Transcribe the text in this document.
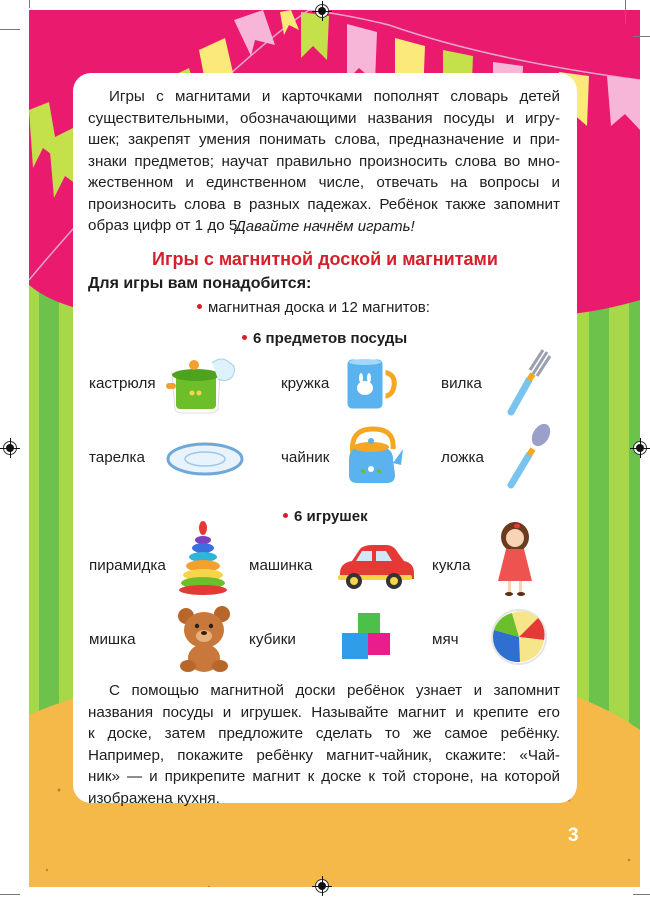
Игры с магнитами и карточками пополнят словарь детей
существительными, обозначающими названия посуды и игру-
шек; закрепят умения понимать слова, предназначение и при-
знаки предметов; научат правильно произносить слова во мно-
жественном и единственном числе, отвечать на вопросы и
произносить слова в разных падежах. Ребёнок также запомнит
образ цифр от 1 до 5.
Давайте начнём играть!
Игры с магнитной доской и магнитами
Для игры вам понадобится:
магнитная доска и 12 магнитов:
6 предметов посуды
кастрюля	кружка	вилка
тарелка	чайник	ложка
6 игрушек
пирамидка	машинка	кукла
мишка	кубики	мяч
С помощью магнитной доски ребёнок узнает и запомнит
названия посуды и игрушек. Называйте магнит и крепите его
к доске, затем предложите сделать то же самое ребёнку.
Например, покажите ребёнку магнит-чайник, скажите: «Чай-
ник» — и прикрепите магнит к доске к той стороне, на которой
изображена кухня.
3
